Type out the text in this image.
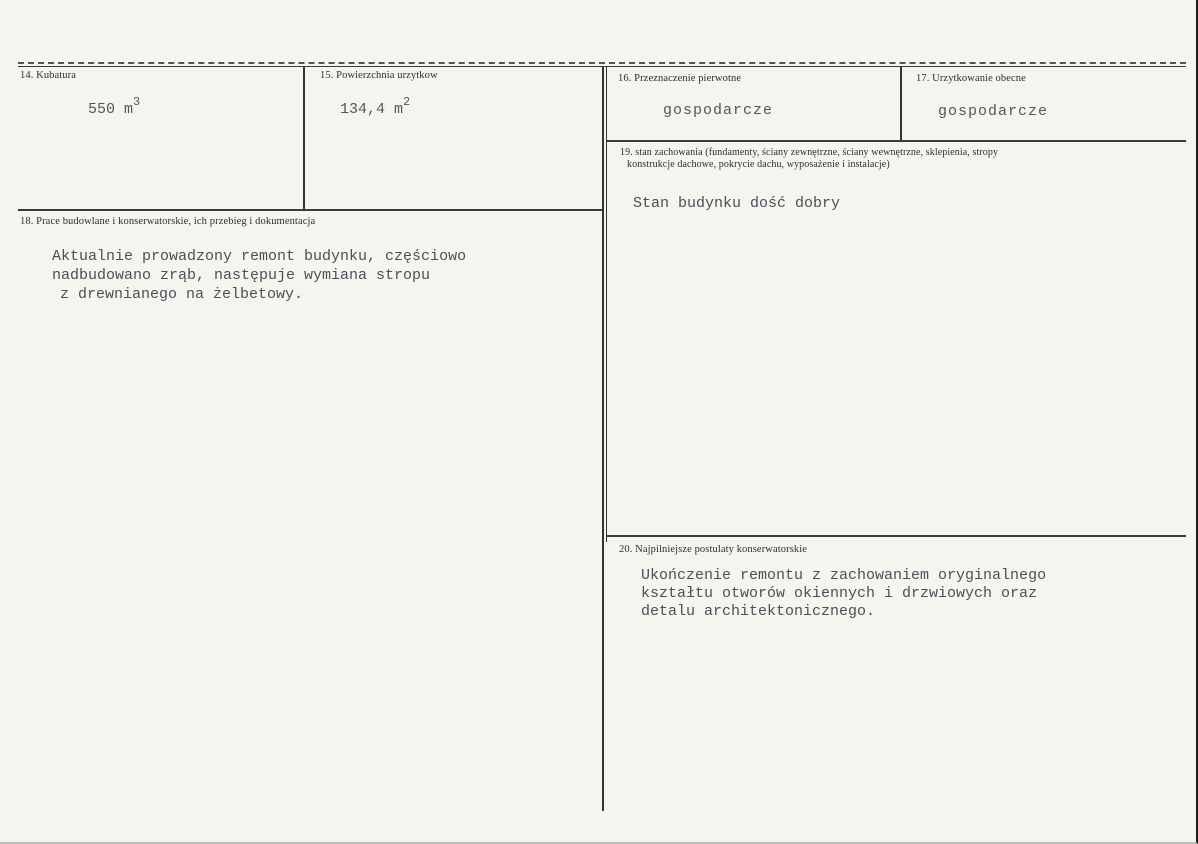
14. Kubatura
550 $m^3$
15. Powierzchnia urzytkow
134,4 $m^2$
16. Przeznaczenie pierwotne
gospodarcze
17. Urzytkowanie obecne
gospodarcze
18. Prace budowlane i konserwatorskie, ich przebieg i dokumentacja
Aktualnie prowadzony remont budynku, częściowo
nadbudowano zrąb, następuje wymiana stropu
z drewnianego na żelbetowy.
19. stan zachowania (fundamenty, ściany zewnętrzne, ściany wewnętrzne, sklepienia, stropy
konstrukcje dachowe, pokrycie dachu, wyposażenie i instalacje)
Stan budynku dość dobry
20. Najpilniejsze postulaty konserwatorskie
Ukończenie remontu z zachowaniem oryginalnego
kształtu otworów okiennych i drzwiowych oraz
detalu architektonicznego.
